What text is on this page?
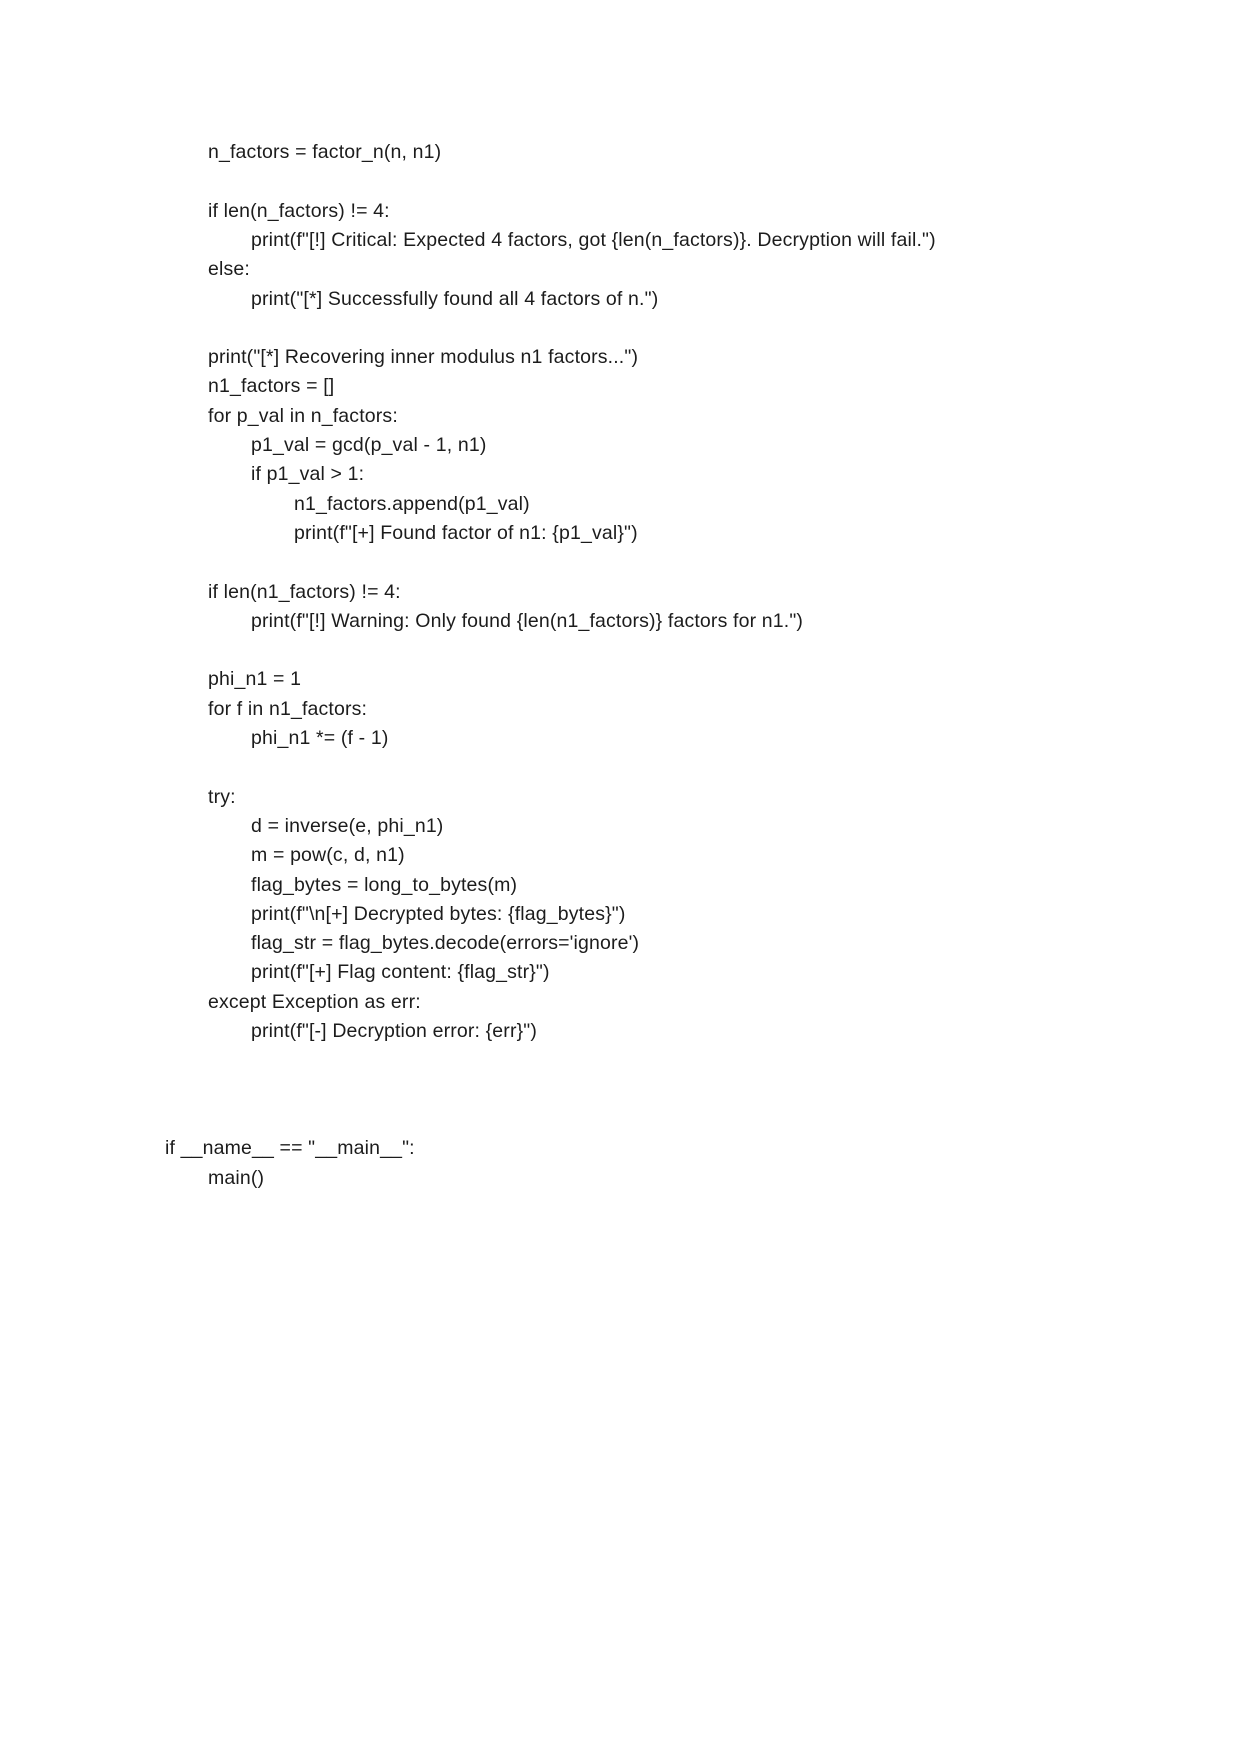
n_factors = factor_n(n, n1)
if len(n_factors) != 4:
print(f"[!] Critical: Expected 4 factors, got {len(n_factors)}. Decryption will fail.")
else:
print("[*] Successfully found all 4 factors of n.")
print("[*] Recovering inner modulus n1 factors...")
n1_factors = []
for p_val in n_factors:
p1_val = gcd(p_val - 1, n1)
if p1_val > 1:
n1_factors.append(p1_val)
print(f"[+] Found factor of n1: {p1_val}")
if len(n1_factors) != 4:
print(f"[!] Warning: Only found {len(n1_factors)} factors for n1.")
phi_n1 = 1
for f in n1_factors:
phi_n1 *= (f - 1)
try:
d = inverse(e, phi_n1)
m = pow(c, d, n1)
flag_bytes = long_to_bytes(m)
print(f"\n[+] Decrypted bytes: {flag_bytes}")
flag_str = flag_bytes.decode(errors='ignore')
print(f"[+] Flag content: {flag_str}")
except Exception as err:
print(f"[-] Decryption error: {err}")
if __name__ == "__main__":
main()
